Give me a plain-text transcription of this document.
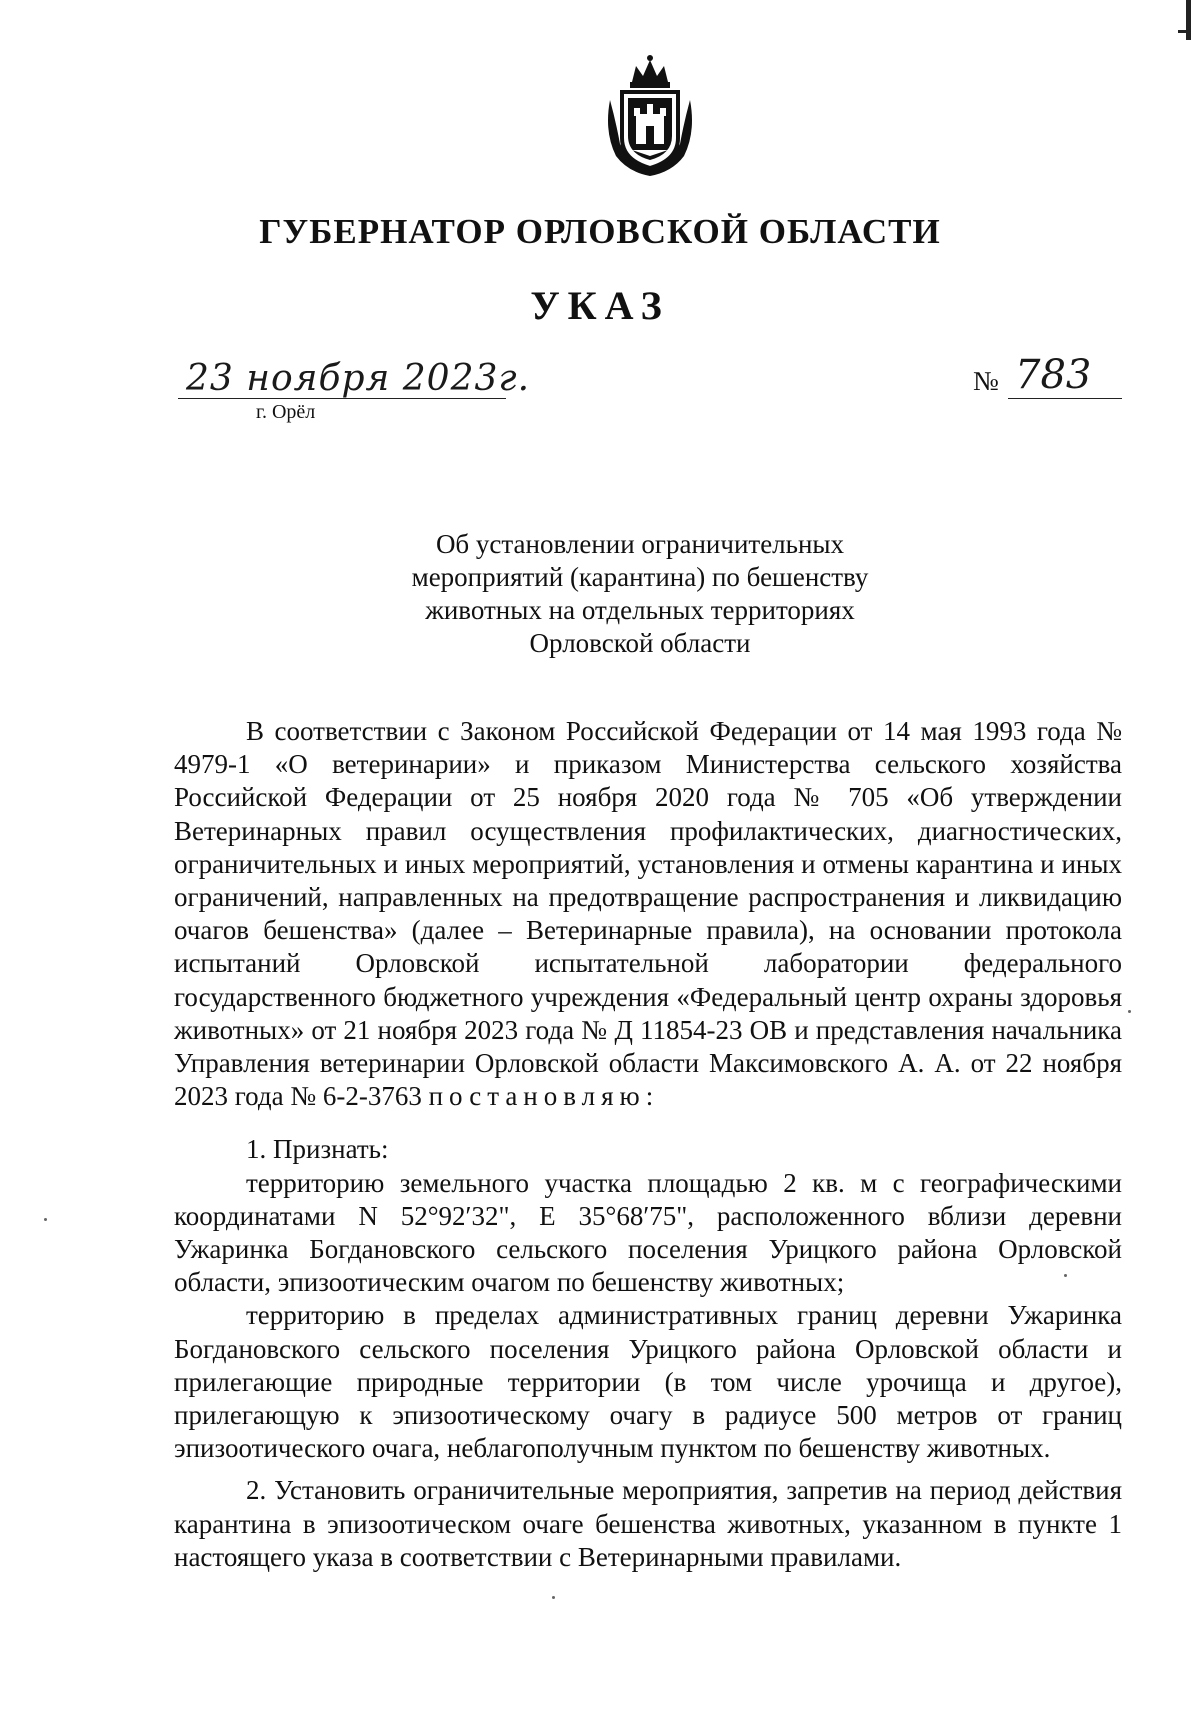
ГУБЕРНАТОР ОРЛОВСКОЙ ОБЛАСТИ
УКАЗ
23 ноября 2023г.
г. Орёл
№ 783
Об установлении ограничительных
мероприятий (карантина) по бешенству
животных на отдельных территориях
Орловской области

В соответствии с Законом Российской Федерации от 14 мая 1993 года № 4979-1 «О ветеринарии» и приказом Министерства сельского хозяйства Российской Федерации от 25 ноября 2020 года № 705 «Об утверждении Ветеринарных правил осуществления профилактических, диагностических, ограничительных и иных мероприятий, установления и отмены карантина и иных ограничений, направленных на предотвращение распространения и ликвидацию очагов бешенства» (далее – Ветеринарные правила), на основании протокола испытаний Орловской испытательной лаборатории федерального государственного бюджетного учреждения «Федеральный центр охраны здоровья животных» от 21 ноября 2023 года № Д 11854-23 ОВ и представления начальника Управления ветеринарии Орловской области Максимовского А. А. от 22 ноября 2023 года № 6-2-3763 постановляю:

1. Признать:

территорию земельного участка площадью 2 кв. м с географическими координатами N 52°92′32", E 35°68′75", расположенного вблизи деревни Ужаринка Богдановского сельского поселения Урицкого района Орловской области, эпизоотическим очагом по бешенству животных;

территорию в пределах административных границ деревни Ужаринка Богдановского сельского поселения Урицкого района Орловской области и прилегающие природные территории (в том числе урочища и другое), прилегающую к эпизоотическому очагу в радиусе 500 метров от границ эпизоотического очага, неблагополучным пунктом по бешенству животных.

2. Установить ограничительные мероприятия, запретив на период действия карантина в эпизоотическом очаге бешенства животных, указанном в пункте 1 настоящего указа в соответствии с Ветеринарными правилами.
